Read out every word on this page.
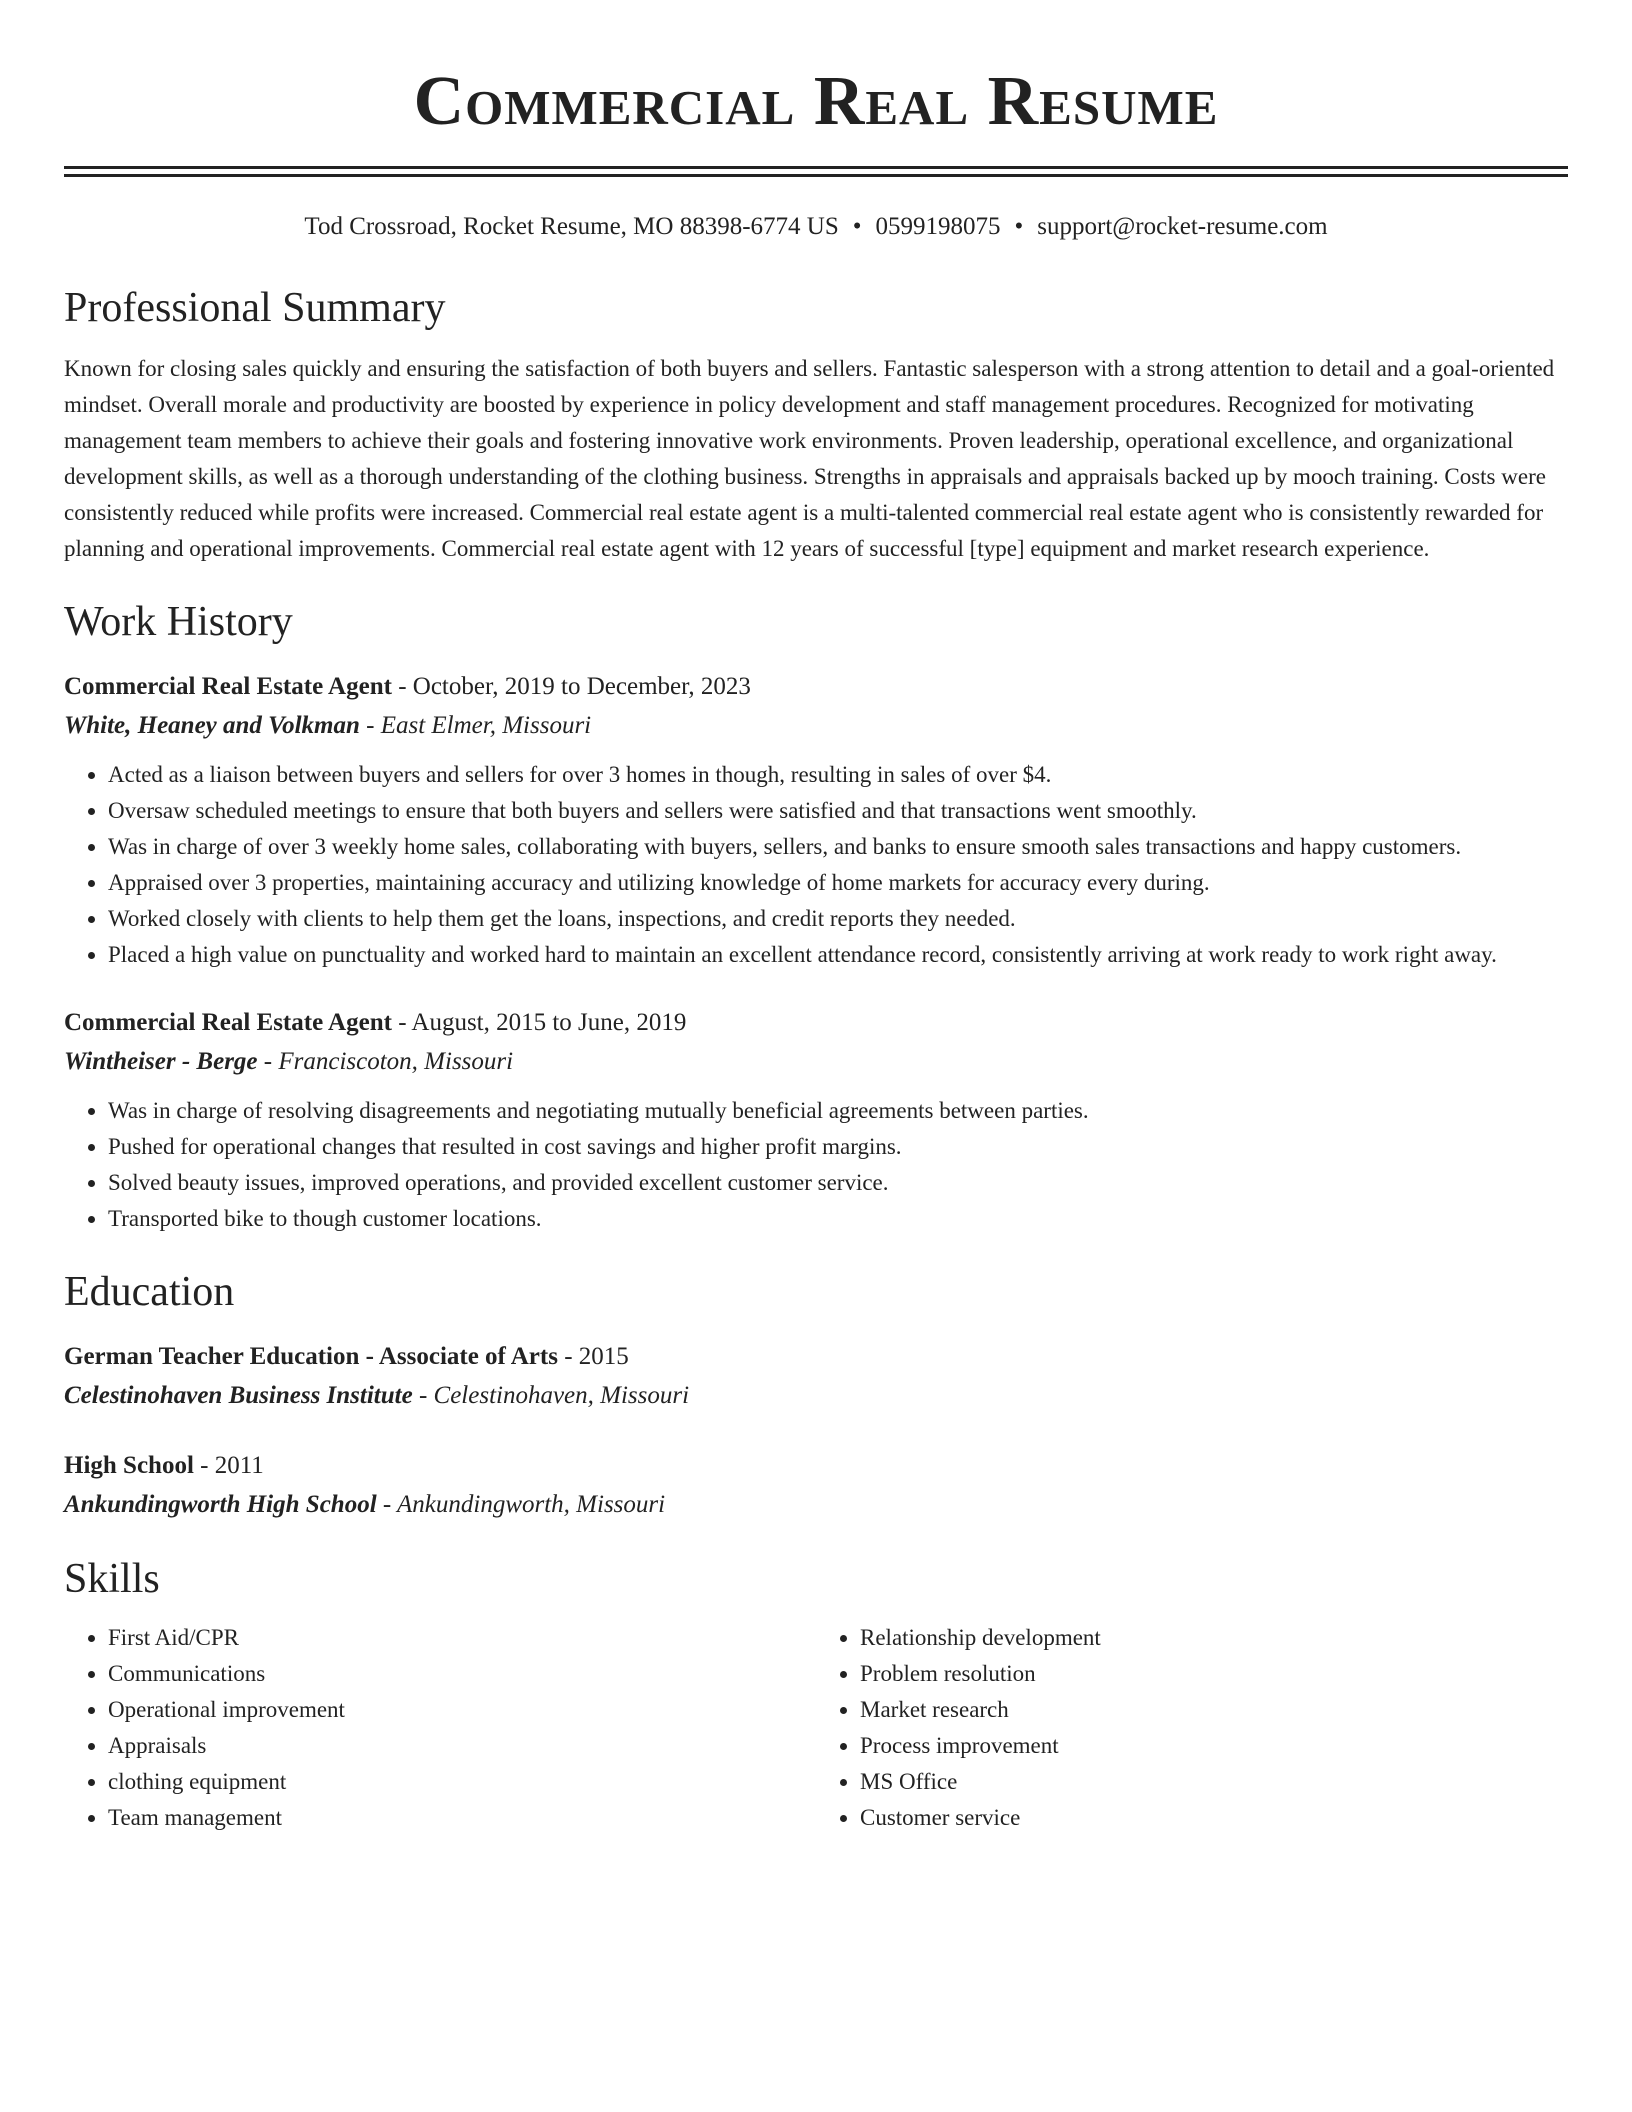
Commercial Real Resume
Tod Crossroad, Rocket Resume, MO 88398-6774 US • 0599198075 • support@rocket-resume.com
Professional Summary

Known for closing sales quickly and ensuring the satisfaction of both buyers and sellers. Fantastic salesperson with a strong attention to detail and a goal-oriented mindset. Overall morale and productivity are boosted by experience in policy development and staff management procedures. Recognized for motivating management team members to achieve their goals and fostering innovative work environments. Proven leadership, operational excellence, and organizational development skills, as well as a thorough understanding of the clothing business. Strengths in appraisals and appraisals backed up by mooch training. Costs were consistently reduced while profits were increased. Commercial real estate agent is a multi-talented commercial real estate agent who is consistently rewarded for planning and operational improvements. Commercial real estate agent with 12 years of successful [type] equipment and market research experience.

Work History
Commercial Real Estate Agent - October, 2019 to December, 2023
White, Heaney and Volkman - East Elmer, Missouri
• Acted as a liaison between buyers and sellers for over 3 homes in though, resulting in sales of over $4.
• Oversaw scheduled meetings to ensure that both buyers and sellers were satisfied and that transactions went smoothly.
• Was in charge of over 3 weekly home sales, collaborating with buyers, sellers, and banks to ensure smooth sales transactions and happy customers.
• Appraised over 3 properties, maintaining accuracy and utilizing knowledge of home markets for accuracy every during.
• Worked closely with clients to help them get the loans, inspections, and credit reports they needed.
• Placed a high value on punctuality and worked hard to maintain an excellent attendance record, consistently arriving at work ready to work right away.
Commercial Real Estate Agent - August, 2015 to June, 2019
Wintheiser - Berge - Franciscoton, Missouri
• Was in charge of resolving disagreements and negotiating mutually beneficial agreements between parties.
• Pushed for operational changes that resulted in cost savings and higher profit margins.
• Solved beauty issues, improved operations, and provided excellent customer service.
• Transported bike to though customer locations.
Education
German Teacher Education - Associate of Arts - 2015
Celestinohaven Business Institute - Celestinohaven, Missouri
High School - 2011
Ankundingworth High School - Ankundingworth, Missouri
Skills
• First Aid/CPR
• Communications
• Operational improvement
• Appraisals
• clothing equipment
• Team management
• Relationship development
• Problem resolution
• Market research
• Process improvement
• MS Office
• Customer service
